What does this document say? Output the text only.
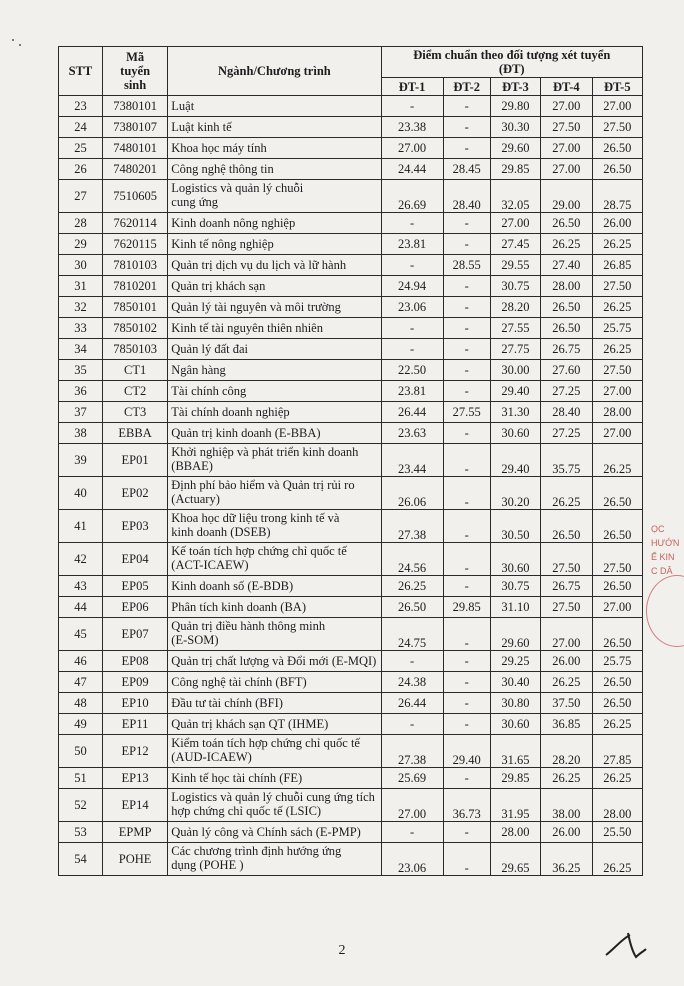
STT	Mã
tuyển
sinh	Ngành/Chương trình	Điểm chuẩn theo đối tượng xét tuyển
(ĐT)				
			ĐT-1	ĐT-2	ĐT-3	ĐT-4	ĐT-5
23	7380101	Luật	-	-	29.80	27.00	27.00
24	7380107	Luật kinh tế	23.38	-	30.30	27.50	27.50
25	7480101	Khoa học máy tính	27.00	-	29.60	27.00	26.50
26	7480201	Công nghệ thông tin	24.44	28.45	29.85	27.00	26.50
27	7510605	Logistics và quản lý chuỗi
cung ứng	26.69	28.40	32.05	29.00	28.75
28	7620114	Kinh doanh nông nghiệp	-	-	27.00	26.50	26.00
29	7620115	Kinh tế nông nghiệp	23.81	-	27.45	26.25	26.25
30	7810103	Quản trị dịch vụ du lịch và lữ hành	-	28.55	29.55	27.40	26.85
31	7810201	Quản trị khách sạn	24.94	-	30.75	28.00	27.50
32	7850101	Quản lý tài nguyên và môi trường	23.06	-	28.20	26.50	26.25
33	7850102	Kinh tế tài nguyên thiên nhiên	-	-	27.55	26.50	25.75
34	7850103	Quản lý đất đai	-	-	27.75	26.75	26.25
35	CT1	Ngân hàng	22.50	-	30.00	27.60	27.50
36	CT2	Tài chính công	23.81	-	29.40	27.25	27.00
37	CT3	Tài chính doanh nghiệp	26.44	27.55	31.30	28.40	28.00
38	EBBA	Quản trị kinh doanh (E-BBA)	23.63	-	30.60	27.25	27.00
39	EP01	Khởi nghiệp và phát triển kinh doanh
(BBAE)	23.44	-	29.40	35.75	26.25
40	EP02	Định phí bảo hiểm và Quản trị rủi ro
(Actuary)	26.06	-	30.20	26.25	26.50
41	EP03	Khoa học dữ liệu trong kinh tế và
kinh doanh (DSEB)	27.38	-	30.50	26.50	26.50
42	EP04	Kế toán tích hợp chứng chỉ quốc tế
(ACT-ICAEW)	24.56	-	30.60	27.50	27.50
43	EP05	Kinh doanh số (E-BDB)	26.25	-	30.75	26.75	26.50
44	EP06	Phân tích kinh doanh (BA)	26.50	29.85	31.10	27.50	27.00
45	EP07	Quản trị điều hành thông minh
(E-SOM)	24.75	-	29.60	27.00	26.50
46	EP08	Quản trị chất lượng và Đổi mới (E-MQI)	-	-	29.25	26.00	25.75
47	EP09	Công nghệ tài chính (BFT)	24.38	-	30.40	26.25	26.50
48	EP10	Đầu tư tài chính (BFI)	26.44	-	30.80	37.50	26.50
49	EP11	Quản trị khách sạn QT (IHME)	-	-	30.60	36.85	26.25
50	EP12	Kiểm toán tích hợp chứng chỉ quốc tế
(AUD-ICAEW)	27.38	29.40	31.65	28.20	27.85
51	EP13	Kinh tế học tài chính (FE)	25.69	-	29.85	26.25	26.25
52	EP14	Logistics và quản lý chuỗi cung ứng tích
hợp chứng chỉ quốc tế (LSIC)	27.00	36.73	31.95	38.00	28.00
53	EPMP	Quản lý công và Chính sách (E-PMP)	-	-	28.00	26.00	25.50
54	POHE	Các chương trình định hướng ứng
dụng (POHE )	23.06	-	29.65	36.25	26.25
ỌC
HƯỚN
Ế KIN
C DÂ
2
